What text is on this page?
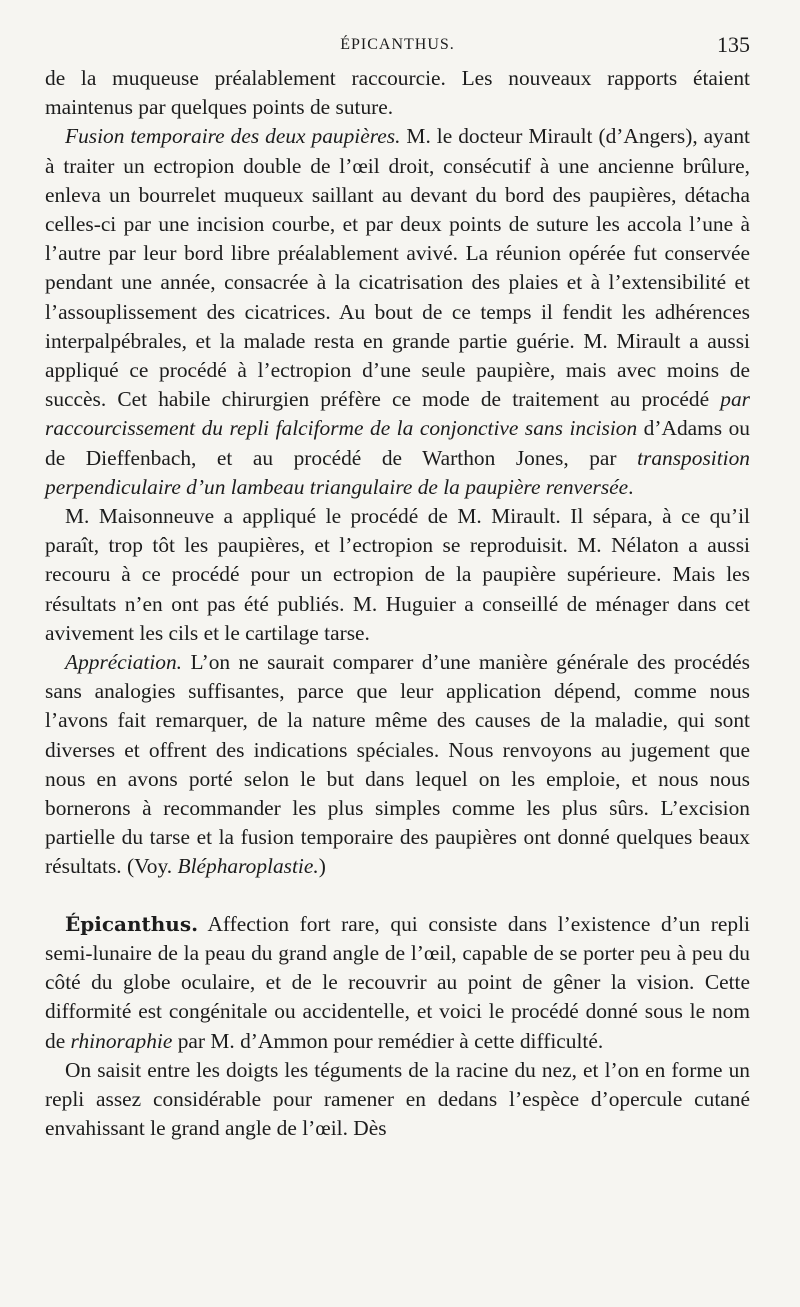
ÉPICANTHUS.	135

de la muqueuse préalablement raccourcie. Les nouveaux rapports étaient maintenus par quelques points de suture.

Fusion temporaire des deux paupières. M. le docteur Mirault (d’Angers), ayant à traiter un ectropion double de l’œil droit, consécutif à une ancienne brûlure, enleva un bourrelet muqueux saillant au devant du bord des paupières, détacha celles-ci par une incision courbe, et par deux points de suture les accola l’une à l’autre par leur bord libre préalablement avivé. La réunion opérée fut conservée pendant une année, consacrée à la cicatrisation des plaies et à l’extensibilité et l’assouplissement des cicatrices. Au bout de ce temps il fendit les adhérences interpalpébrales, et la malade resta en grande partie guérie. M. Mirault a aussi appliqué ce procédé à l’ectropion d’une seule paupière, mais avec moins de succès. Cet habile chirurgien préfère ce mode de traitement au procédé par raccourcissement du repli falciforme de la conjonctive sans incision d’Adams ou de Dieffenbach, et au procédé de Warthon Jones, par transposition perpendiculaire d’un lambeau triangulaire de la paupière renversée.

M. Maisonneuve a appliqué le procédé de M. Mirault. Il sépara, à ce qu’il paraît, trop tôt les paupières, et l’ectropion se reproduisit. M. Nélaton a aussi recouru à ce procédé pour un ectropion de la paupière supérieure. Mais les résultats n’en ont pas été publiés. M. Huguier a conseillé de ménager dans cet avivement les cils et le cartilage tarse.

Appréciation. L’on ne saurait comparer d’une manière générale des procédés sans analogies suffisantes, parce que leur application dépend, comme nous l’avons fait remarquer, de la nature même des causes de la maladie, qui sont diverses et offrent des indications spéciales. Nous renvoyons au jugement que nous en avons porté selon le but dans lequel on les emploie, et nous nous bornerons à recommander les plus simples comme les plus sûrs. L’excision partielle du tarse et la fusion temporaire des paupières ont donné quelques beaux résultats. (Voy. Blépharoplastie.)

Épicanthus. Affection fort rare, qui consiste dans l’existence d’un repli semi-lunaire de la peau du grand angle de l’œil, capable de se porter peu à peu du côté du globe oculaire, et de le recouvrir au point de gêner la vision. Cette difformité est congénitale ou accidentelle, et voici le procédé donné sous le nom de rhinoraphie par M. d’Ammon pour remédier à cette difficulté.

On saisit entre les doigts les téguments de la racine du nez, et l’on en forme un repli assez considérable pour ramener en dedans l’espèce d’opercule cutané envahissant le grand angle de l’œil. Dès
